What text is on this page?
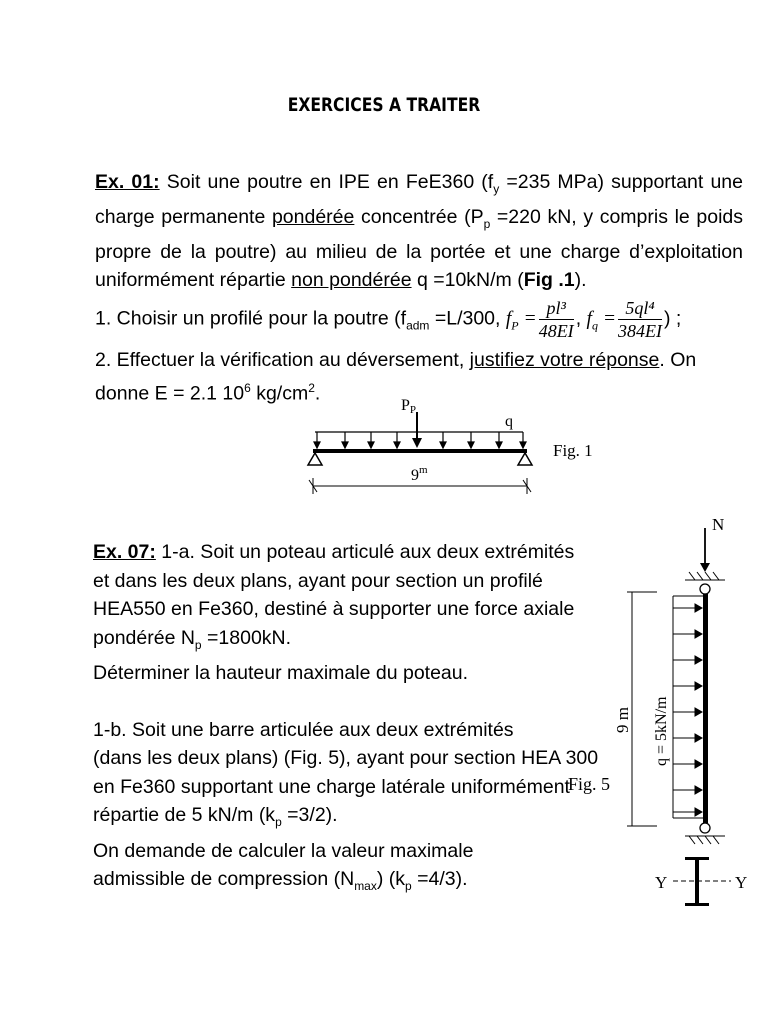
EXERCICES A TRAITER
Ex. 01: Soit une poutre en IPE en FeE360 ($f_y =235$ MPa) supportant une charge permanente pondérée concentrée ($P_p =220$ kN, y compris le poids propre de la poutre) au milieu de la portée et une charge d’exploitation uniformément répartie non pondérée q =10kN/m (Fig .1).
1. Choisir un profilé pour la poutre ($f_{adm} =L/300$, $f_P = \frac{\text{pl³}}{48EI}$ , $f_q = \frac{\text{5ql⁴}}{384EI}$ ) ;
2. Effectuer la vérification au déversement, justifiez votre réponse. On donne E = 2.1 $10^6$ $kg/cm^2$.
PP
q
9$^m$
Fig. 1
Ex. 07: 1-a. Soit un poteau articulé aux deux extrémités
et dans les deux plans, ayant pour section un profilé
HEA550 en Fe360, destiné à supporter une force axiale
pondérée $N_p =1800kN$.
Déterminer la hauteur maximale du poteau.
1-b. Soit une barre articulée aux deux extrémités
(dans les deux plans) (Fig. 5), ayant pour section HEA 300
en Fe360 supportant une charge latérale uniformément
répartie de 5 kN/m $(k_p =3/2)$.
On demande de calculer la valeur maximale
admissible de compression $(N_{max})$ $(k_p =4/3)$.
N
q = 5kN/m
9 m
Fig. 5
Y	Y
